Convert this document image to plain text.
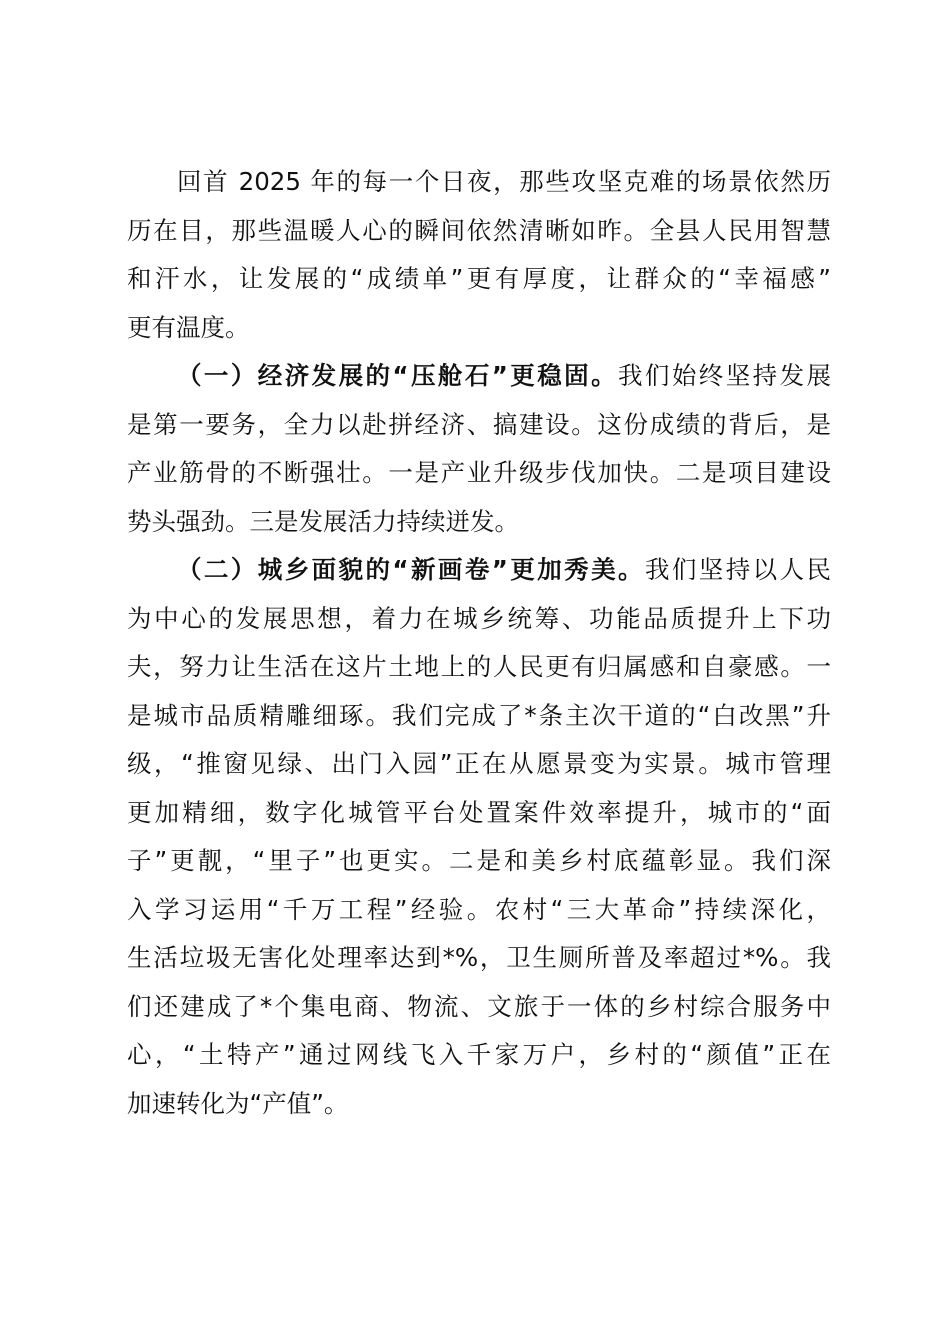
回首 2025 年的每一个日夜，那些攻坚克难的场景依然历
历在目，那些温暖人心的瞬间依然清晰如昨。全县人民用智慧
和汗水，让发展的“成绩单”更有厚度，让群众的“幸福感”
更有温度。
（一）经济发展的“压舱石”更稳固。我们始终坚持发展
是第一要务，全力以赴拼经济、搞建设。这份成绩的背后，是
产业筋骨的不断强壮。一是产业升级步伐加快。二是项目建设
势头强劲。三是发展活力持续迸发。
（二）城乡面貌的“新画卷”更加秀美。我们坚持以人民
为中心的发展思想，着力在城乡统筹、功能品质提升上下功
夫，努力让生活在这片土地上的人民更有归属感和自豪感。一
是城市品质精雕细琢。我们完成了*条主次干道的“白改黑”升
级，“推窗见绿、出门入园”正在从愿景变为实景。城市管理
更加精细，数字化城管平台处置案件效率提升，城市的“面
子”更靓，“里子”也更实。二是和美乡村底蕴彰显。我们深
入学习运用“千万工程”经验。农村“三大革命”持续深化，
生活垃圾无害化处理率达到*%，卫生厕所普及率超过*%。我
们还建成了*个集电商、物流、文旅于一体的乡村综合服务中
心，“土特产”通过网线飞入千家万户，乡村的“颜值”正在
加速转化为“产值”。
